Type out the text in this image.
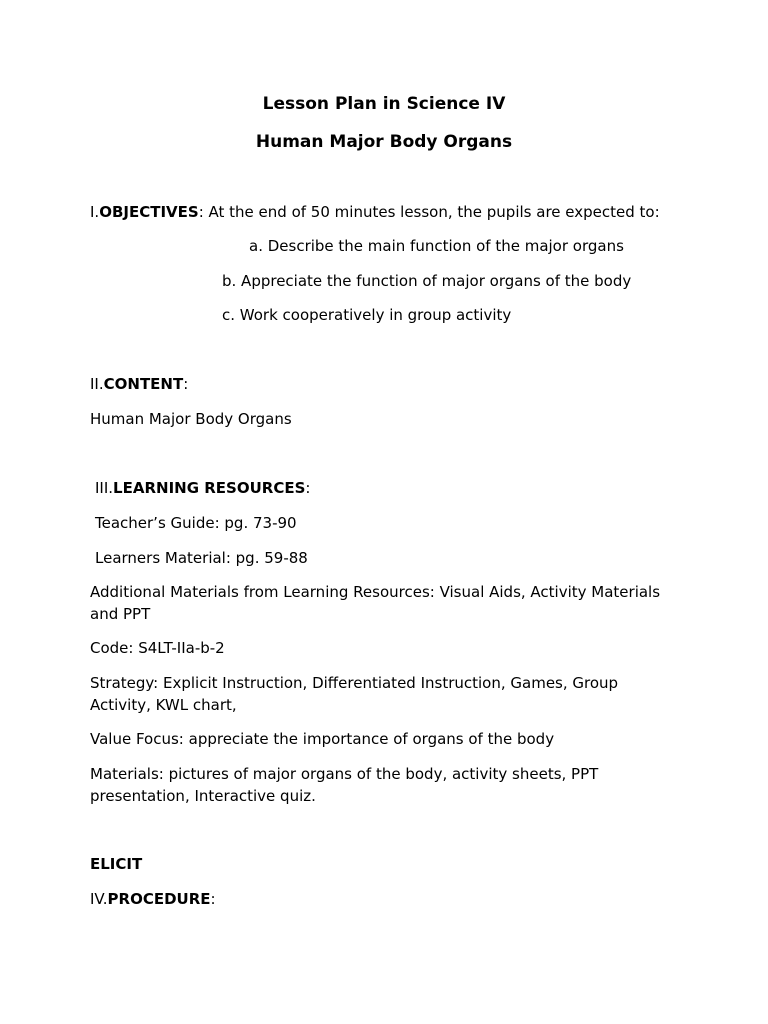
Lesson Plan in Science IV
Human Major Body Organs
I.OBJECTIVES: At the end of 50 minutes lesson, the pupils are expected to:
a. Describe the main function of the major organs
b. Appreciate the function of major organs of the body
c. Work cooperatively in group activity
II.CONTENT:
Human Major Body Organs
III.LEARNING RESOURCES:
Teacher’s Guide: pg. 73-90
Learners Material: pg. 59-88
Additional Materials from Learning Resources: Visual Aids, Activity Materials and PPT
Code: S4LT-IIa-b-2
Strategy: Explicit Instruction, Differentiated Instruction, Games, Group Activity, KWL chart,
Value Focus: appreciate the importance of organs of the body
Materials: pictures of major organs of the body, activity sheets, PPT presentation, Interactive quiz.
ELICIT
IV.PROCEDURE:
